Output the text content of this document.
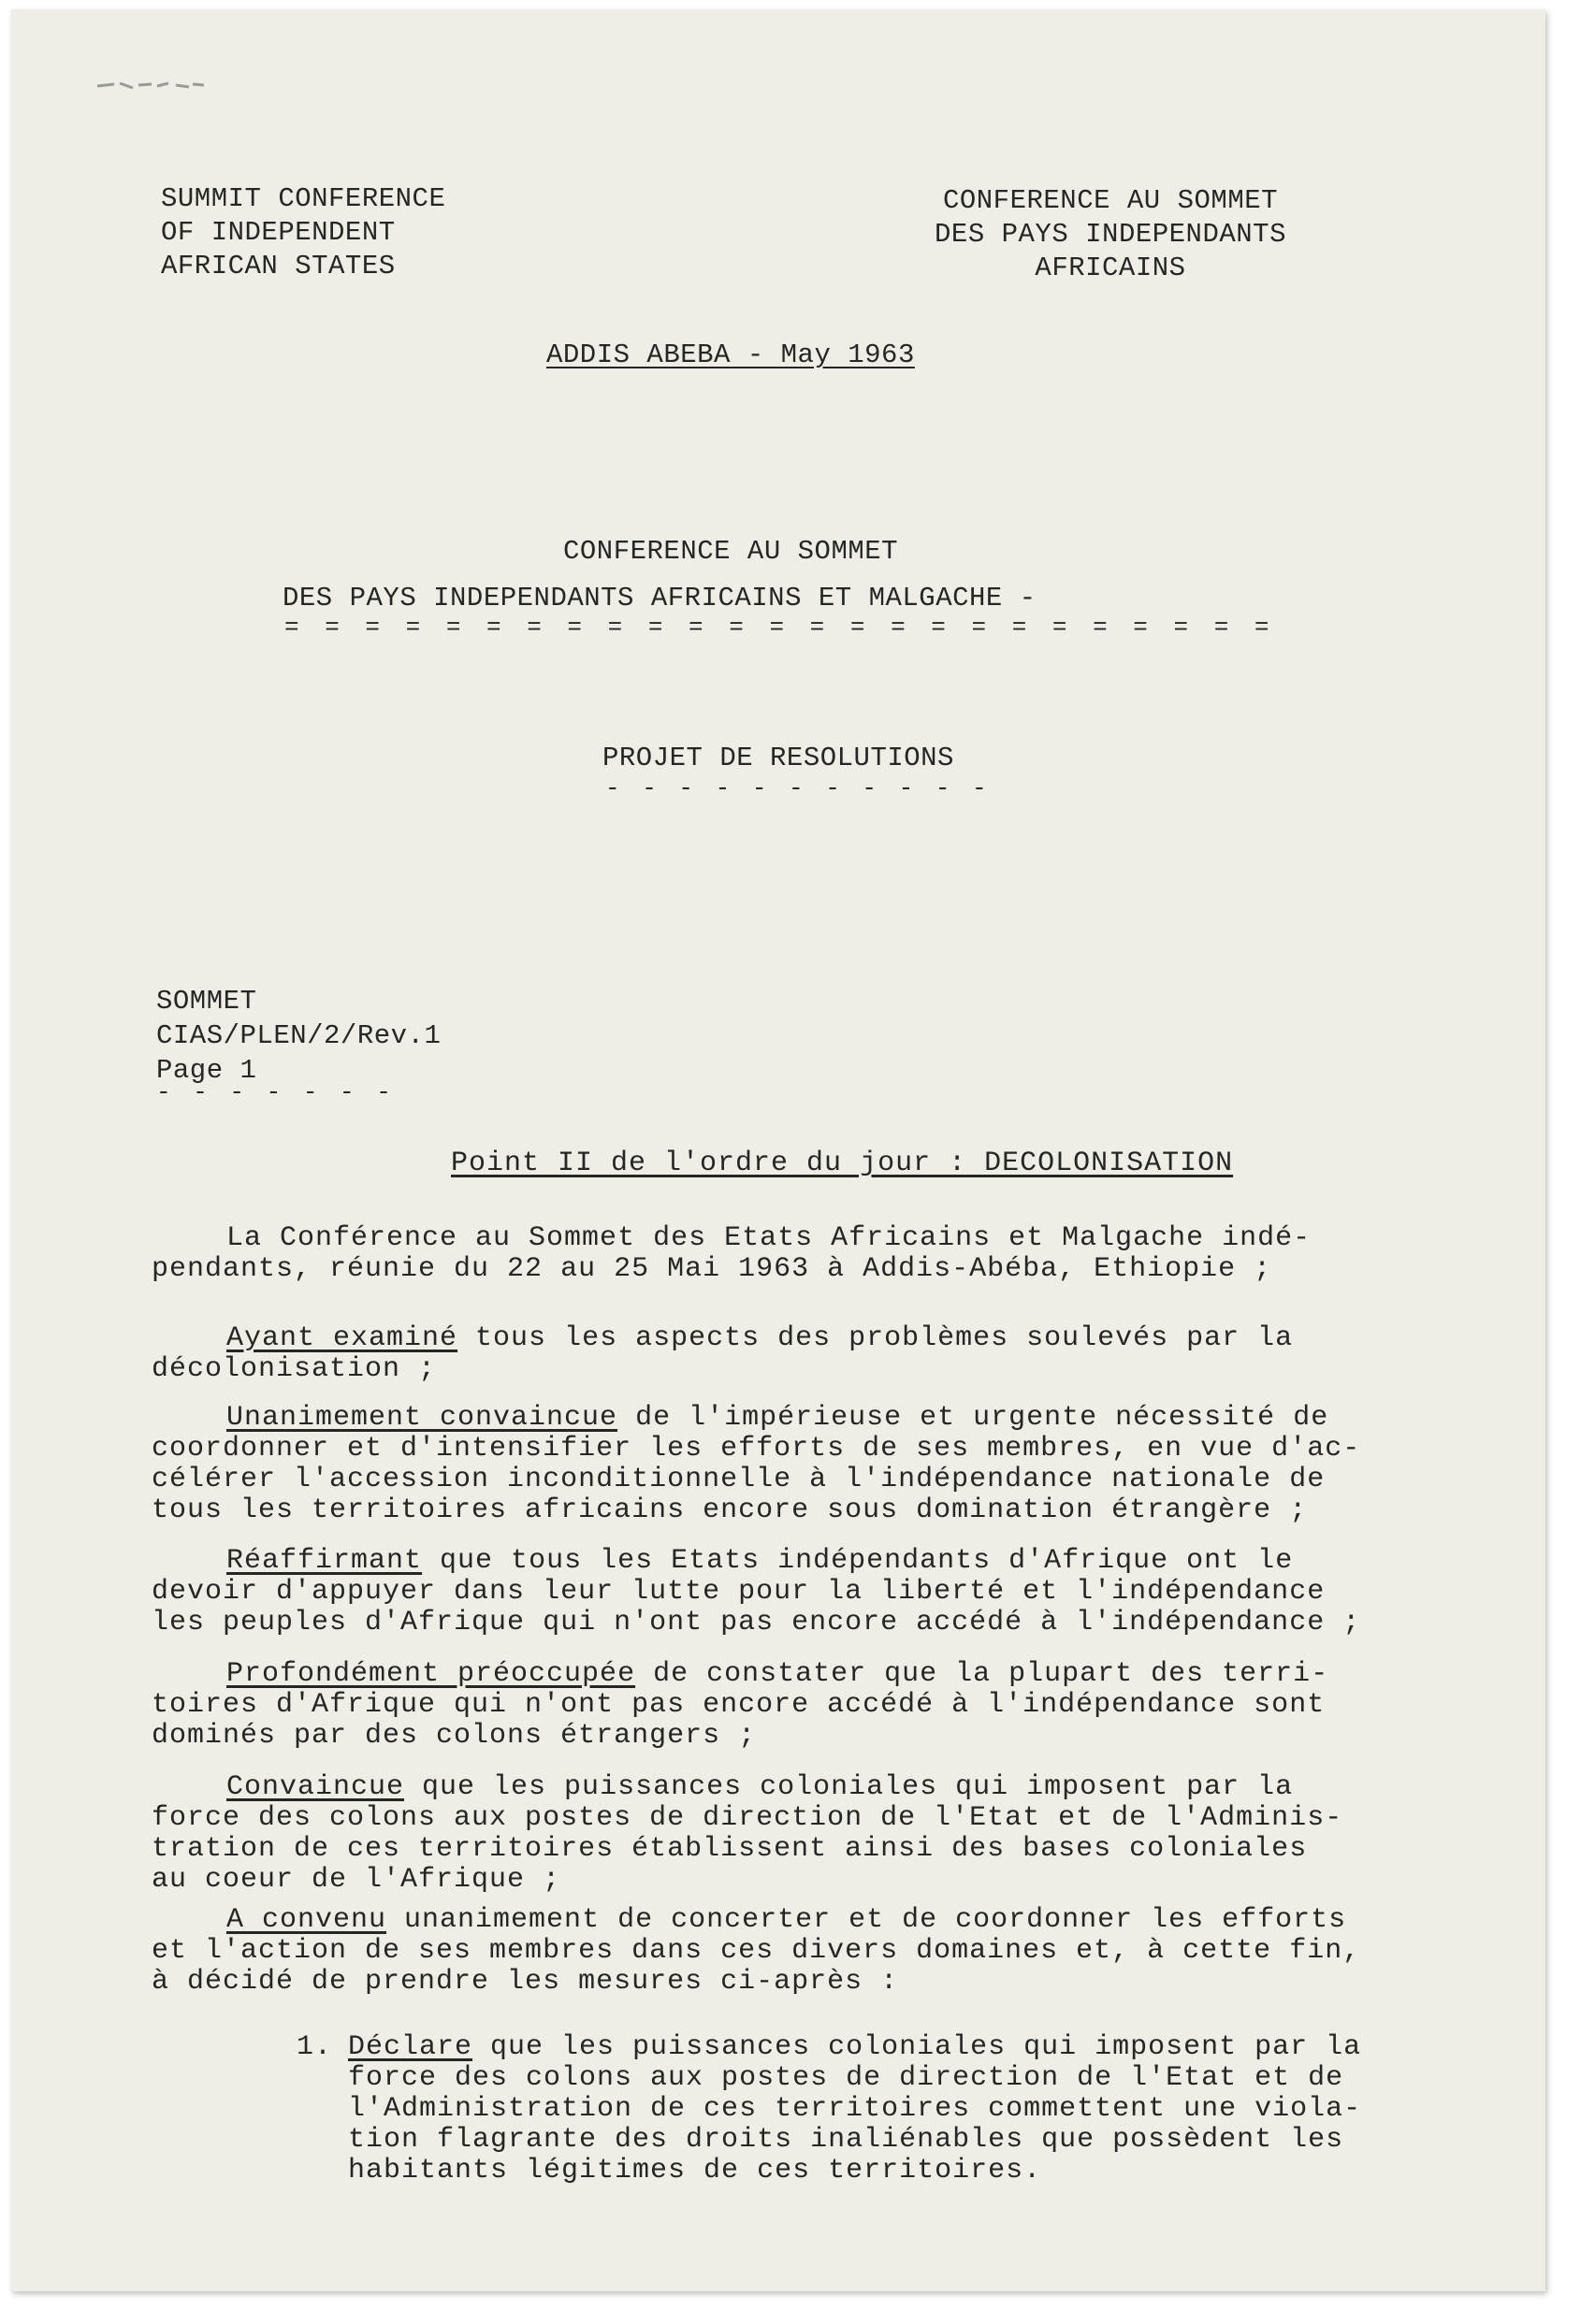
SUMMIT CONFERENCE
OF INDEPENDENT
AFRICAN STATES
CONFERENCE AU SOMMET
DES PAYS INDEPENDANTS
AFRICAINS
ADDIS ABEBA - May 1963
CONFERENCE AU SOMMET
DES PAYS INDEPENDANTS AFRICAINS ET MALGACHE -
= = = = = = = = = = = = = = = = = = = = = = = = =
PROJET DE RESOLUTIONS
- - - - - - - - - - -
SOMMET
CIAS/PLEN/2/Rev.1
Page 1
- - - - - - -
Point II de l'ordre du jour : DECOLONISATION

La Conférence au Sommet des Etats Africains et Malgache indé-

pendants, réunie du 22 au 25 Mai 1963 à Addis-Abéba, Ethiopie ;

Ayant examiné tous les aspects des problèmes soulevés par la

décolonisation ;

Unanimement convaincue de l'impérieuse et urgente nécessité de

coordonner et d'intensifier les efforts de ses membres, en vue d'ac-

célérer l'accession inconditionnelle à l'indépendance nationale de

tous les territoires africains encore sous domination étrangère ;

Réaffirmant que tous les Etats indépendants d'Afrique ont le

devoir d'appuyer dans leur lutte pour la liberté et l'indépendance

les peuples d'Afrique qui n'ont pas encore accédé à l'indépendance ;

Profondément préoccupée de constater que la plupart des terri-

toires d'Afrique qui n'ont pas encore accédé à l'indépendance sont

dominés par des colons étrangers ;

Convaincue que les puissances coloniales qui imposent par la

force des colons aux postes de direction de l'Etat et de l'Adminis-

tration de ces territoires établissent ainsi des bases coloniales

au coeur de l'Afrique ;

A convenu unanimement de concerter et de coordonner les efforts

et l'action de ses membres dans ces divers domaines et, à cette fin,

à décidé de prendre les mesures ci-après :

1. Déclare que les puissances coloniales qui imposent par la

force des colons aux postes de direction de l'Etat et de

l'Administration de ces territoires commettent une viola-

tion flagrante des droits inaliénables que possèdent les

habitants légitimes de ces territoires.
